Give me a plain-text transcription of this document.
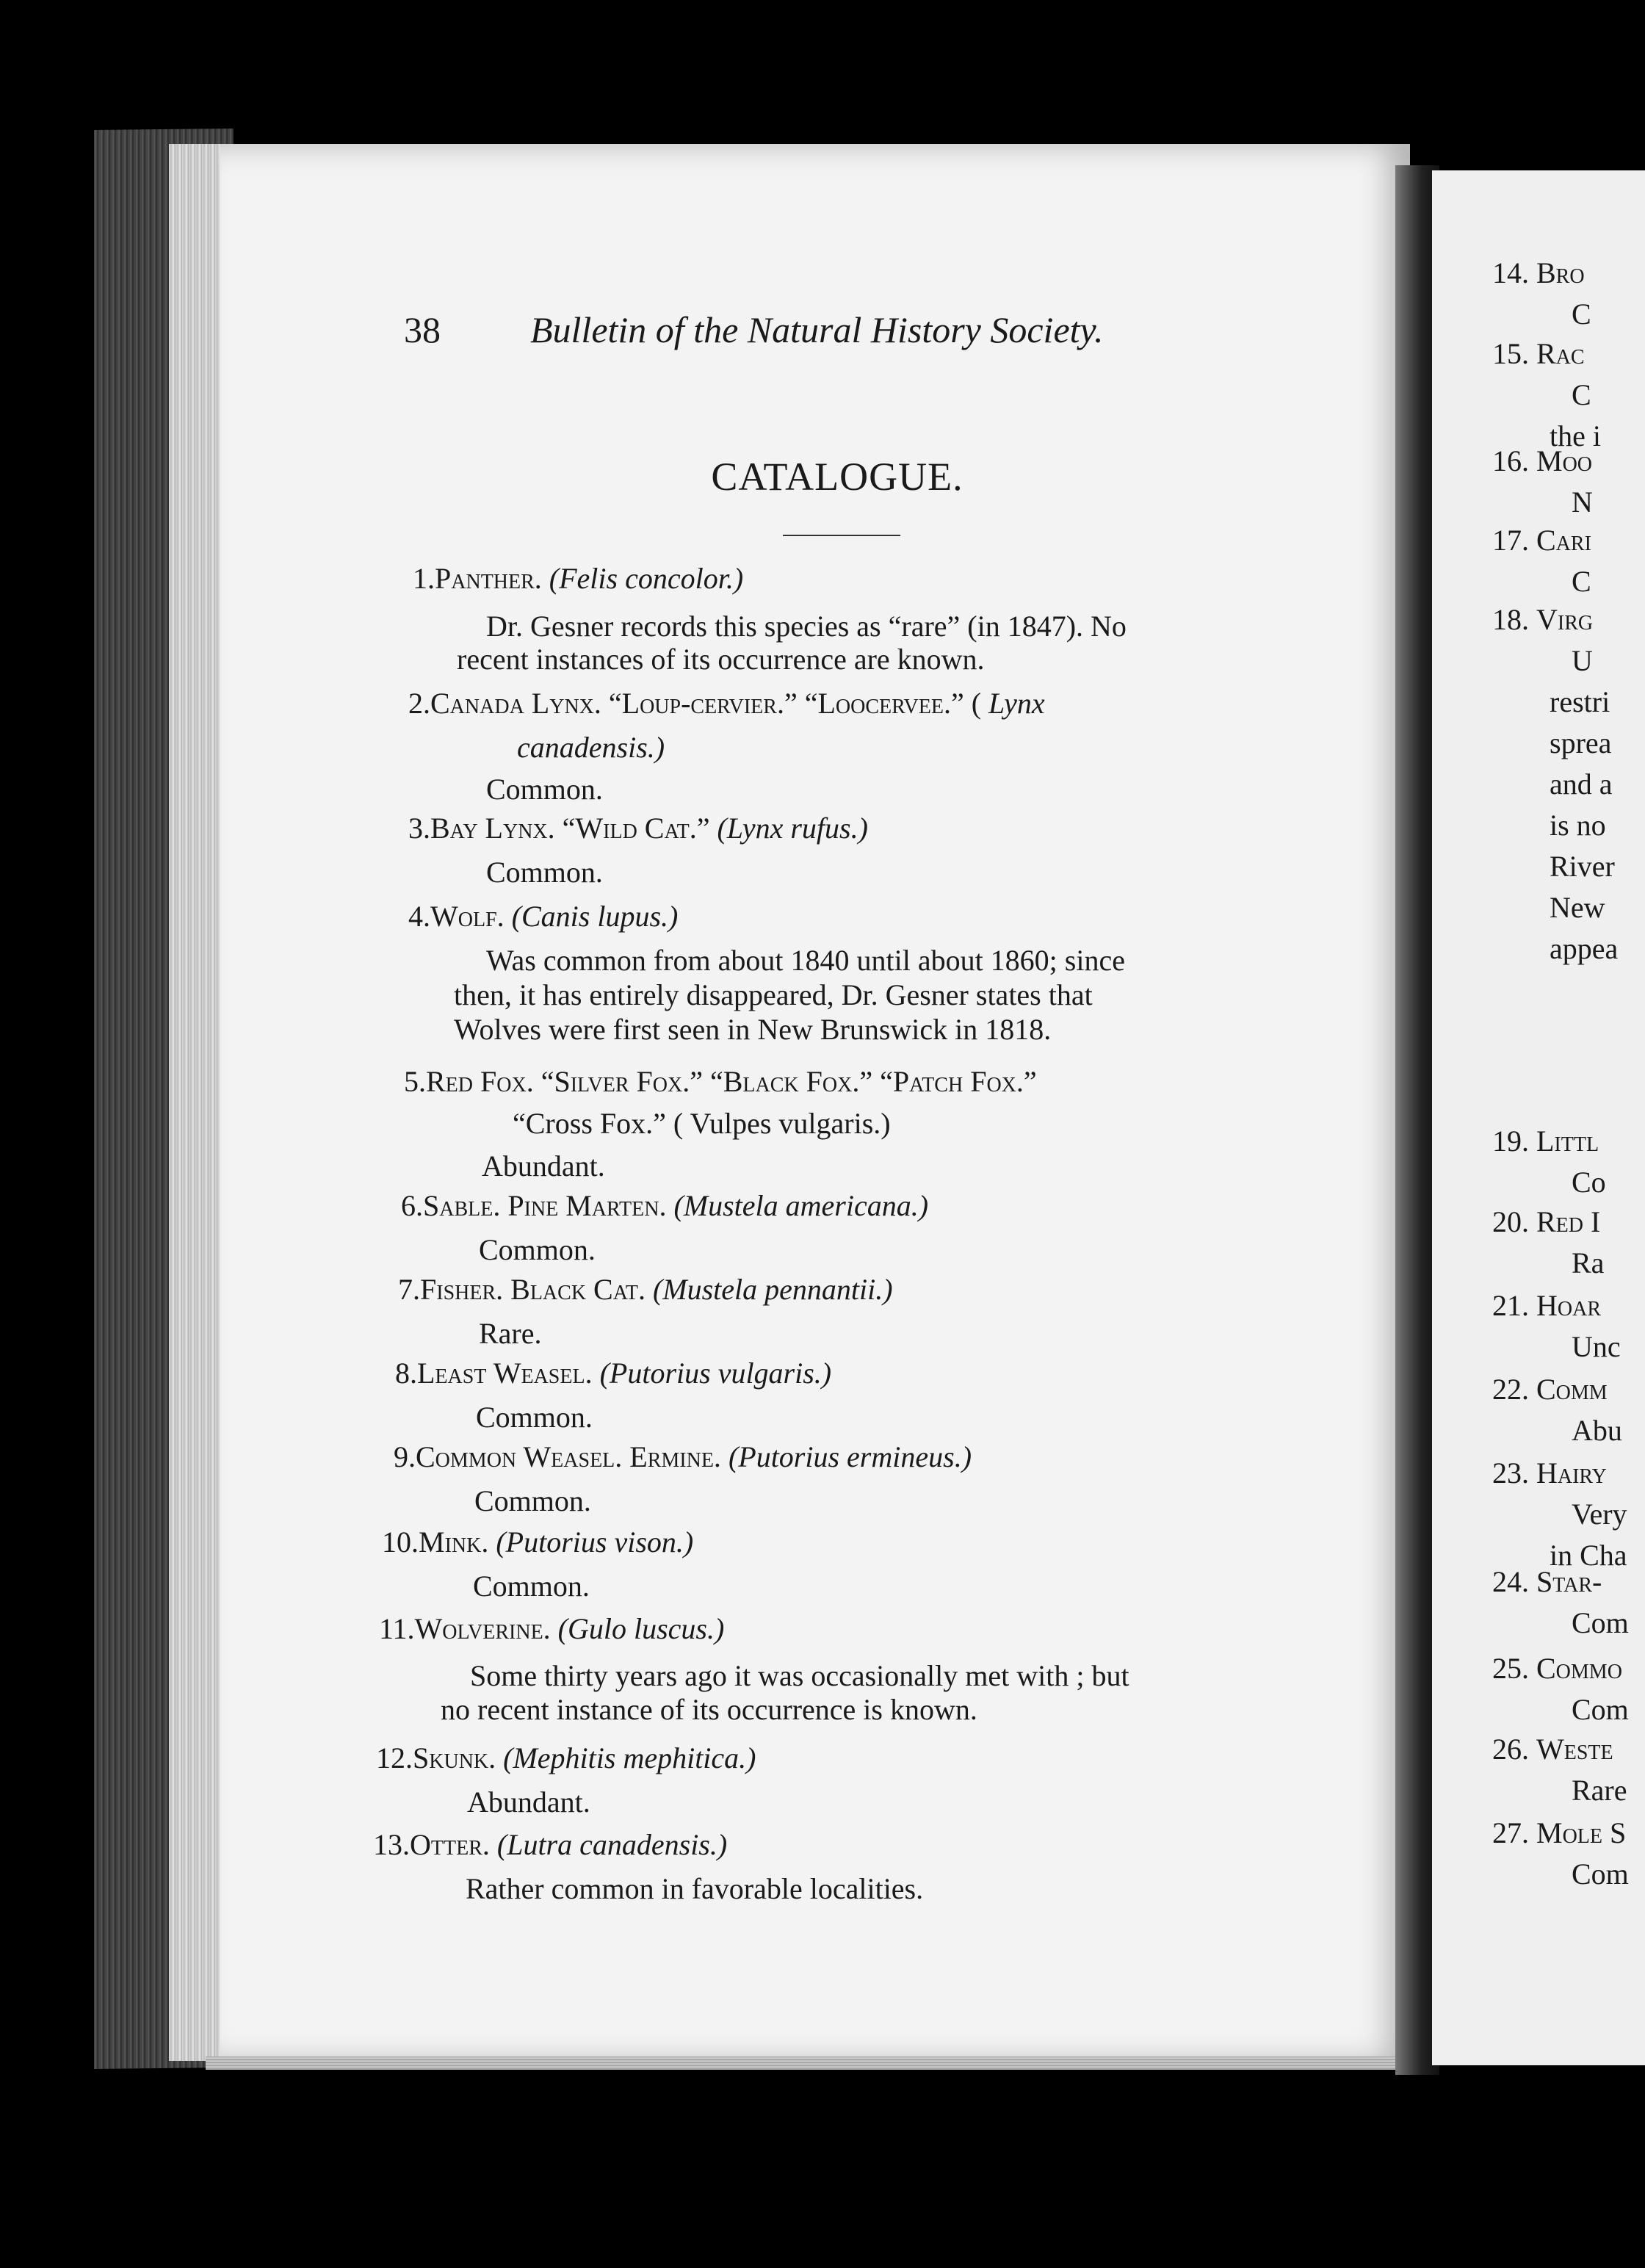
14. Bro
C
15. Rac
C
the i
16. Moo
N
17. Cari
C
18. Virg
U
restri
sprea
and a
is no
River
New
appea
19. Littl
Co
20. Red I
Ra
21. Hoar
Unc
22. Comm
Abu
23. Hairy
Very
in Cha
24. Star-
Com
25. Commo
Com
26. Weste
Rare
27. Mole S
Com
38 Bulletin of the Natural History Society.
CATALOGUE.
1.Panther. (Felis concolor.)
Dr. Gesner records this species as “rare” (in 1847). No
recent instances of its occurrence are known.
2.Canada Lynx. “Loup-cervier.” “Loocervee.” ( Lynx
canadensis.)
Common.
3.Bay Lynx. “Wild Cat.” (Lynx rufus.)
Common.
4.Wolf. (Canis lupus.)
Was common from about 1840 until about 1860; since
then, it has entirely disappeared, Dr. Gesner states that
Wolves were first seen in New Brunswick in 1818.
5.Red Fox. “Silver Fox.” “Black Fox.” “Patch Fox.”
“Cross Fox.” ( Vulpes vulgaris.)
Abundant.
6.Sable. Pine Marten. (Mustela americana.)
Common.
7.Fisher. Black Cat. (Mustela pennantii.)
Rare.
8.Least Weasel. (Putorius vulgaris.)
Common.
9.Common Weasel. Ermine. (Putorius ermineus.)
Common.
10.Mink. (Putorius vison.)
Common.
11.Wolverine. (Gulo luscus.)
Some thirty years ago it was occasionally met with ; but
no recent instance of its occurrence is known.
12.Skunk. (Mephitis mephitica.)
Abundant.
13.Otter. (Lutra canadensis.)
Rather common in favorable localities.
